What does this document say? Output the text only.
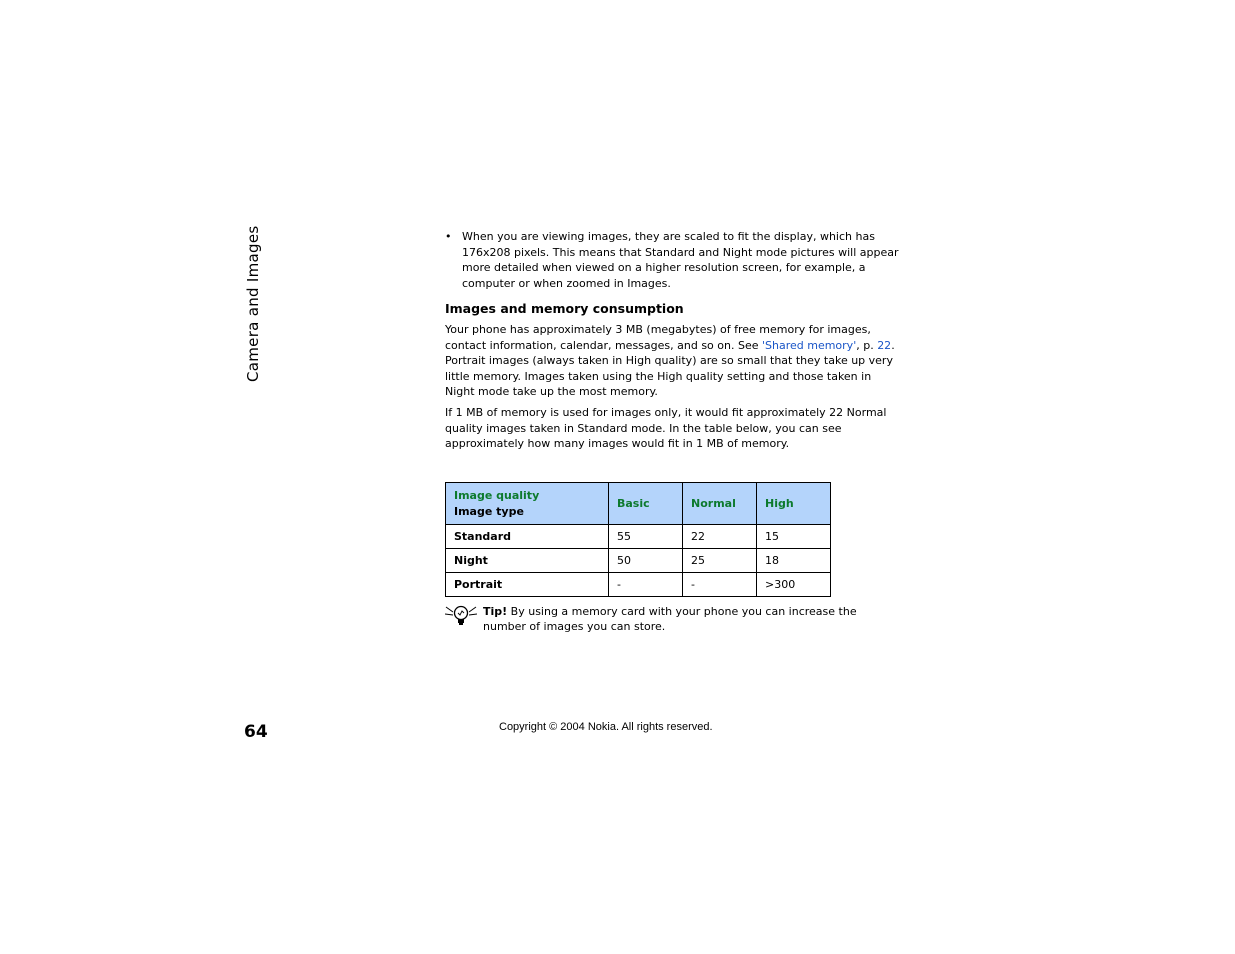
Camera and Images	• When you are viewing images, they are scaled to fit the display, which has 176x208 pixels. This means that Standard and Night mode pictures will appear more detailed when viewed on a higher resolution screen, for example, a computer or when zoomed in Images.
Images and memory consumption
Your phone has approximately 3 MB (megabytes) of free memory for images, contact information, calendar, messages, and so on. See 'Shared memory', p. 22. Portrait images (always taken in High quality) are so small that they take up very little memory. Images taken using the High quality setting and those taken in Night mode take up the most memory.
If 1 MB of memory is used for images only, it would fit approximately 22 Normal quality images taken in Standard mode. In the table below, you can see approximately how many images would fit in 1 MB of memory.
Image quality
Image type	Basic	Normal	High
Standard	55	22	15
Night	50	25	18
Portrait	-	-	>300
Tip! By using a memory card with your phone you can increase the number of images you can store.
64	Copyright © 2004 Nokia. All rights reserved.
